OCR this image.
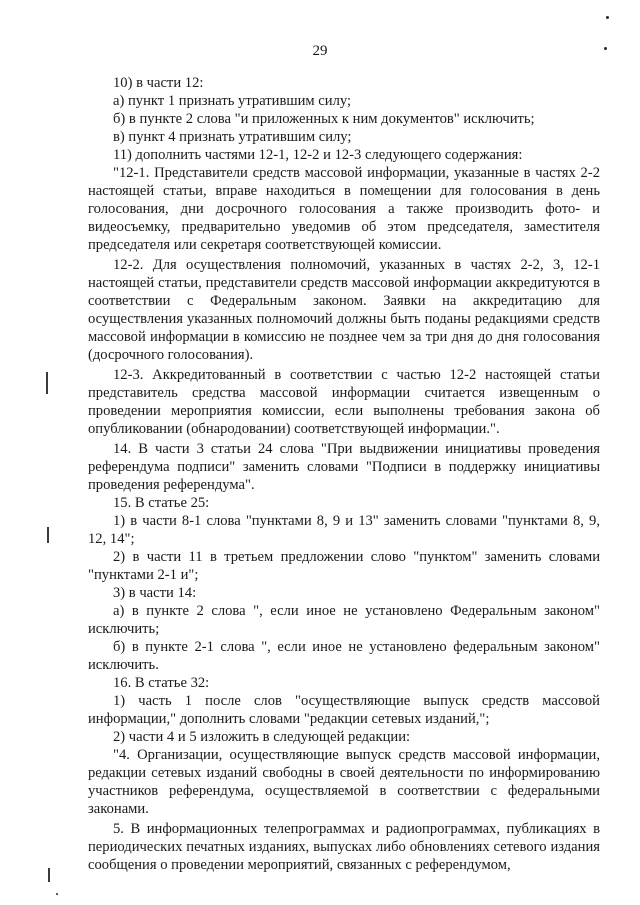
29

10) в части 12:

а) пункт 1 признать утратившим силу;

б) в пункте 2 слова "и приложенных к ним документов" исключить;

в) пункт 4 признать утратившим силу;

11) дополнить частями 12-1, 12-2 и 12-3 следующего содержания:

"12-1. Представители средств массовой информации, указанные в частях 2-2 настоящей статьи, вправе находиться в помещении для голосования в день голосования, дни досрочного голосования а также производить фото- и видеосъемку, предварительно уведомив об этом председателя, заместителя председателя или секретаря соответствующей комиссии.

12-2. Для осуществления полномочий, указанных в частях 2-2, 3, 12-1 настоящей статьи, представители средств массовой информации аккредитуются в соответствии с Федеральным законом. Заявки на аккредитацию для осуществления указанных полномочий должны быть поданы редакциями средств массовой информации в комиссию не позднее чем за три дня до дня голосования (досрочного голосования).

12-3. Аккредитованный в соответствии с частью 12-2 настоящей статьи представитель средства массовой информации считается извещенным о проведении мероприятия комиссии, если выполнены требования закона об опубликовании (обнародовании) соответствующей информации.".

14. В части 3 статьи 24 слова "При выдвижении инициативы проведения референдума подписи" заменить словами "Подписи в поддержку инициативы проведения референдума".

15. В статье 25:

1) в части 8-1 слова "пунктами 8, 9 и 13" заменить словами "пунктами 8, 9, 12, 14";

2) в части 11 в третьем предложении слово "пунктом" заменить словами "пунктами 2-1 и";

3) в части 14:

а) в пункте 2 слова ", если иное не установлено Федеральным законом" исключить;

б) в пункте 2-1 слова ", если иное не установлено федеральным законом" исключить.

16. В статье 32:

1) часть 1 после слов "осуществляющие выпуск средств массовой информации," дополнить словами "редакции сетевых изданий,";

2) части 4 и 5 изложить в следующей редакции:

"4. Организации, осуществляющие выпуск средств массовой информации, редакции сетевых изданий свободны в своей деятельности по информированию участников референдума, осуществляемой в соответствии с федеральными законами.

5. В информационных телепрограммах и радиопрограммах, публикациях в периодических печатных изданиях, выпусках либо обновлениях сетевого издания сообщения о проведении мероприятий, связанных с референдумом,
